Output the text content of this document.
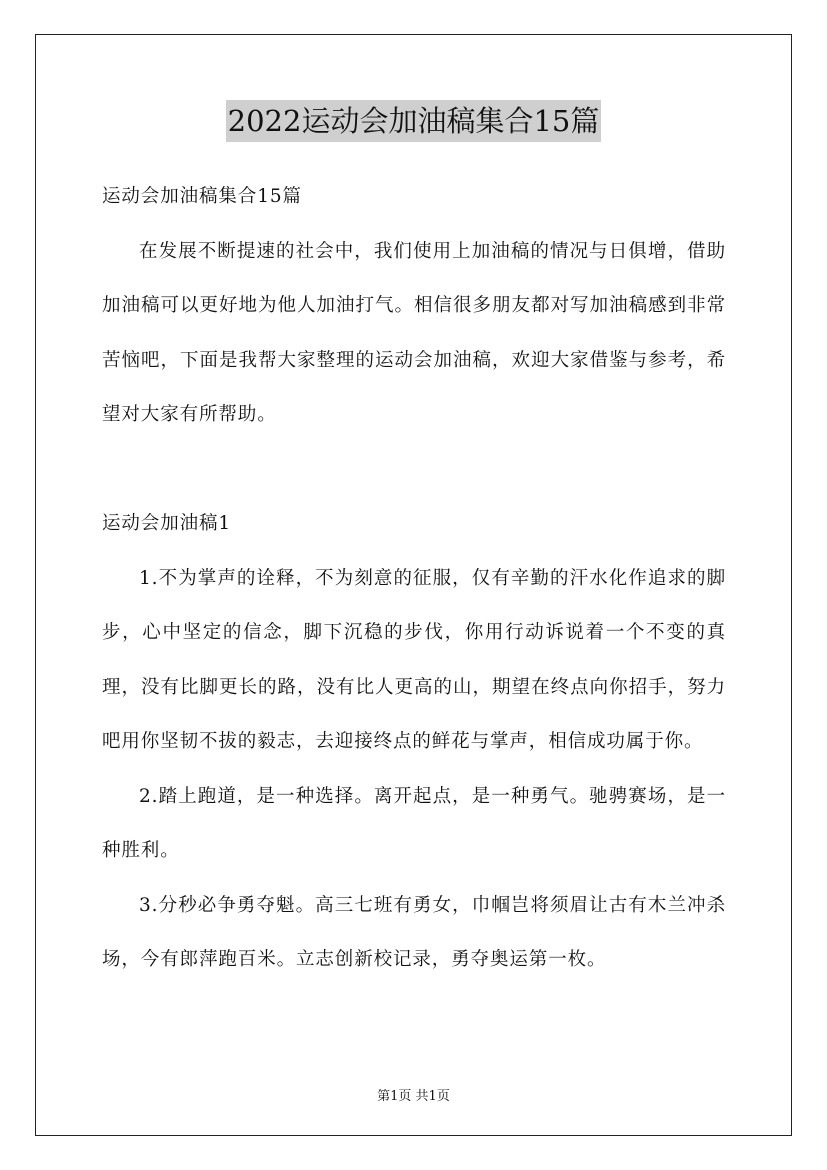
2022运动会加油稿集合15篇

运动会加油稿集合15篇

在发展不断提速的社会中，我们使用上加油稿的情况与日俱增，借助加油稿可以更好地为他人加油打气。相信很多朋友都对写加油稿感到非常苦恼吧，下面是我帮大家整理的运动会加油稿，欢迎大家借鉴与参考，希望对大家有所帮助。

运动会加油稿1

1.不为掌声的诠释，不为刻意的征服，仅有辛勤的汗水化作追求的脚步，心中坚定的信念，脚下沉稳的步伐，你用行动诉说着一个不变的真理，没有比脚更长的路，没有比人更高的山，期望在终点向你招手，努力吧用你坚韧不拔的毅志，去迎接终点的鲜花与掌声，相信成功属于你。

2.踏上跑道，是一种选择。离开起点，是一种勇气。驰骋赛场，是一种胜利。

3.分秒必争勇夺魁。高三七班有勇女，巾帼岂将须眉让古有木兰冲杀场，今有郎萍跑百米。立志创新校记录，勇夺奥运第一枚。

第1页 共1页
